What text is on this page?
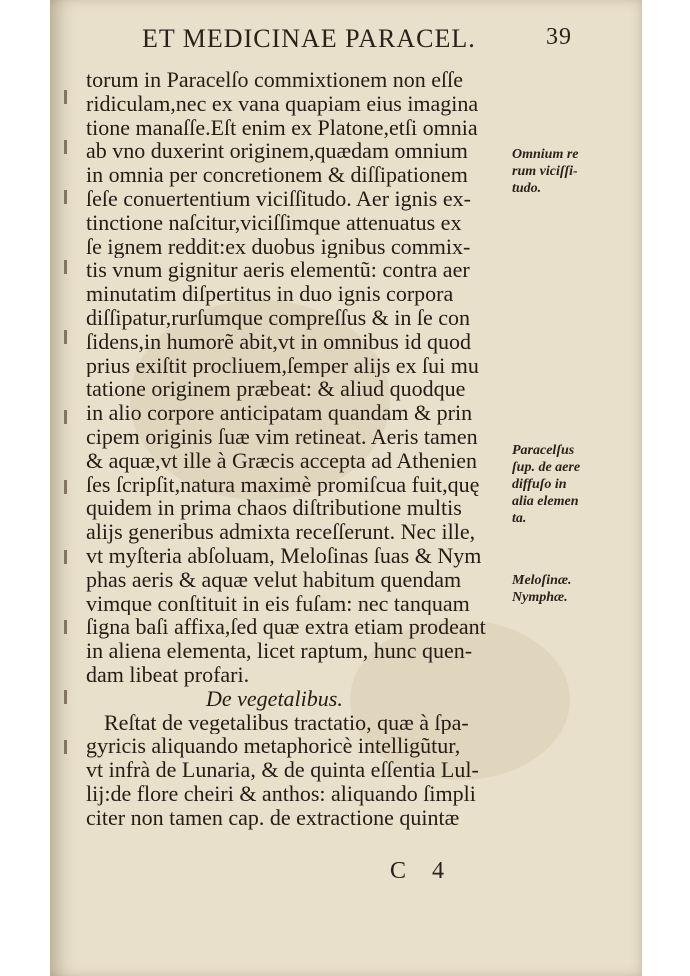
ET MEDICINAE PARACEL.	39
torum in Paracelſo commixtionem non eſſe
ridiculam,nec ex vana quapiam eius imagina
tione manaſſe.Eſt enim ex Platone,etſi omnia
ab vno duxerint originem,quædam omnium
in omnia per concretionem & diſſipationem
ſeſe conuertentium viciſſitudo. Aer ignis ex-
tinctione naſcitur,viciſſimque attenuatus ex
ſe ignem reddit:ex duobus ignibus commix-
tis vnum gignitur aeris elementũ: contra aer
minutatim diſpertitus in duo ignis corpora
diſſipatur,rurſumque compreſſus & in ſe con
ſidens,in humorẽ abit,vt in omnibus id quod
prius exiſtit procliuem,ſemper alijs ex ſui mu
tatione originem præbeat: & aliud quodque
in alio corpore anticipatam quandam & prin
cipem originis ſuæ vim retineat. Aeris tamen
& aquæ,vt ille à Græcis accepta ad Athenien
ſes ſcripſit,natura maximè promiſcua fuit,quę
quidem in prima chaos diſtributione multis
alijs generibus admixta receſſerunt. Nec ille,
vt myſteria abſoluam, Meloſinas ſuas & Nym
phas aeris & aquæ velut habitum quendam
vimque conſtituit in eis fuſam: nec tanquam
ſigna baſi affixa,ſed quæ extra etiam prodeant
in aliena elementa, licet raptum, hunc quen-
dam libeat profari.
De vegetalibus.
Reſtat de vegetalibus tractatio, quæ à ſpa-
gyricis aliquando metaphoricè intelligũtur,
vt infrà de Lunaria, & de quinta eſſentia Lul-
lij:de flore cheiri & anthos: aliquando ſimpli
citer non tamen cap. de extractione quintæ
Omnium re
rum viciſſi-
tudo.
Paracelſus
ſup. de aere
diffuſo in
alia elemen
ta.
Meloſinæ.
Nymphæ.
C 4
